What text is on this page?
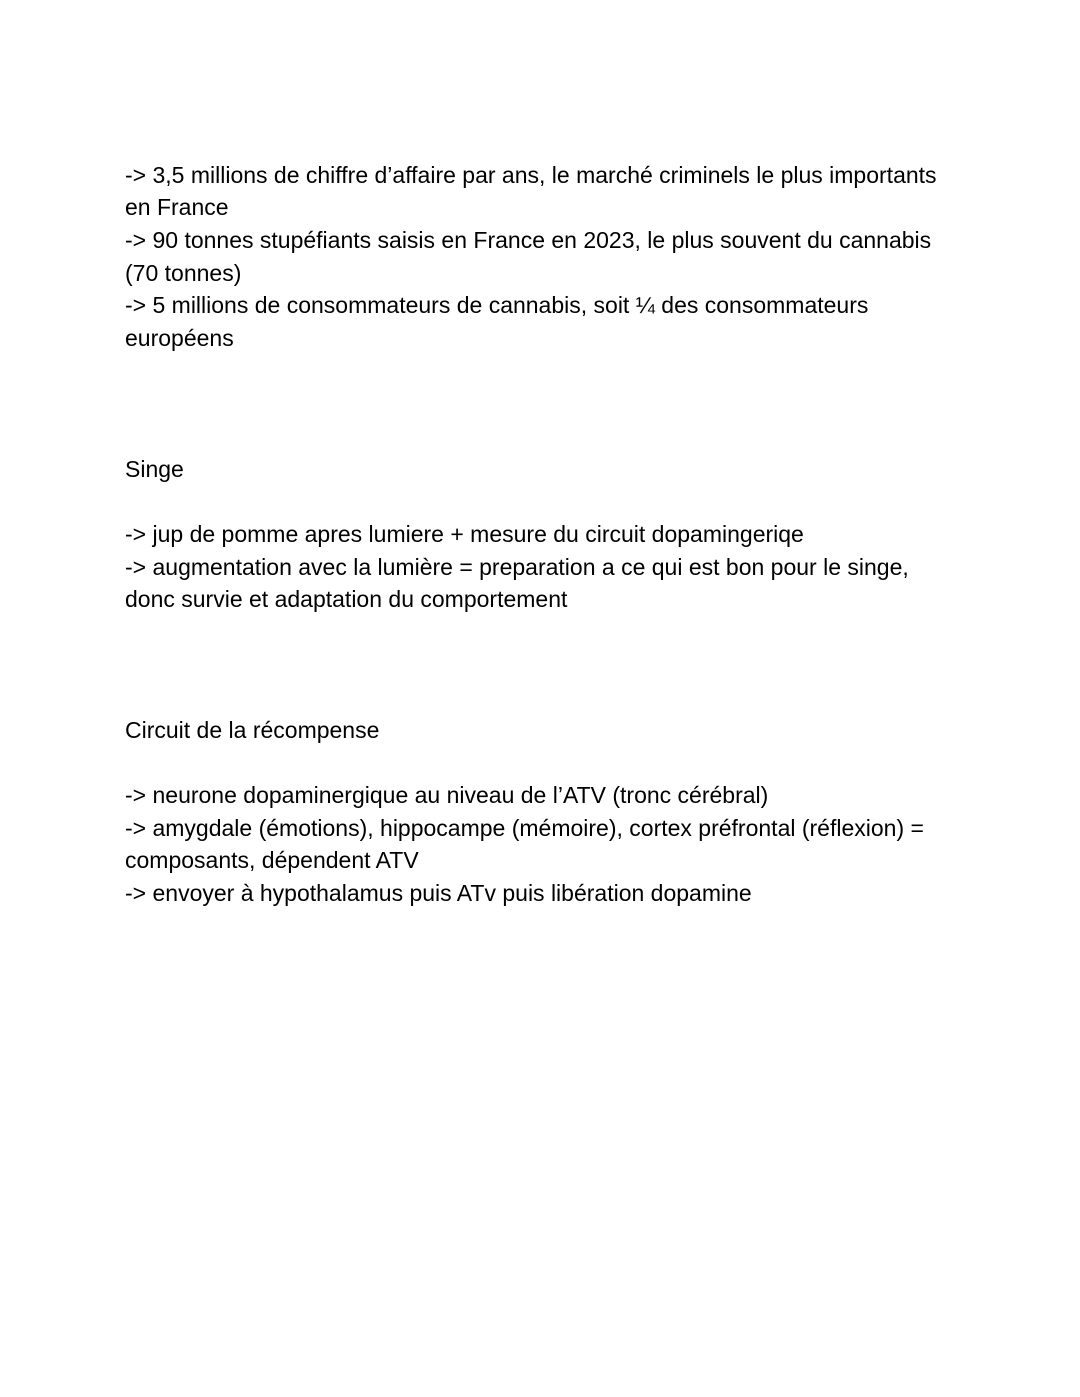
-> 3,5 millions de chiffre d’affaire par ans, le marché criminels le plus importants
en France
-> 90 tonnes stupéfiants saisis en France en 2023, le plus souvent du cannabis
(70 tonnes)
-> 5 millions de consommateurs de cannabis, soit ¼ des consommateurs
européens
Singe
-> jup de pomme apres lumiere + mesure du circuit dopamingeriqe
-> augmentation avec la lumière = preparation a ce qui est bon pour le singe,
donc survie et adaptation du comportement
Circuit de la récompense
-> neurone dopaminergique au niveau de l’ATV (tronc cérébral)
-> amygdale (émotions), hippocampe (mémoire), cortex préfrontal (réflexion) =
composants, dépendent ATV
-> envoyer à hypothalamus puis ATv puis libération dopamine
